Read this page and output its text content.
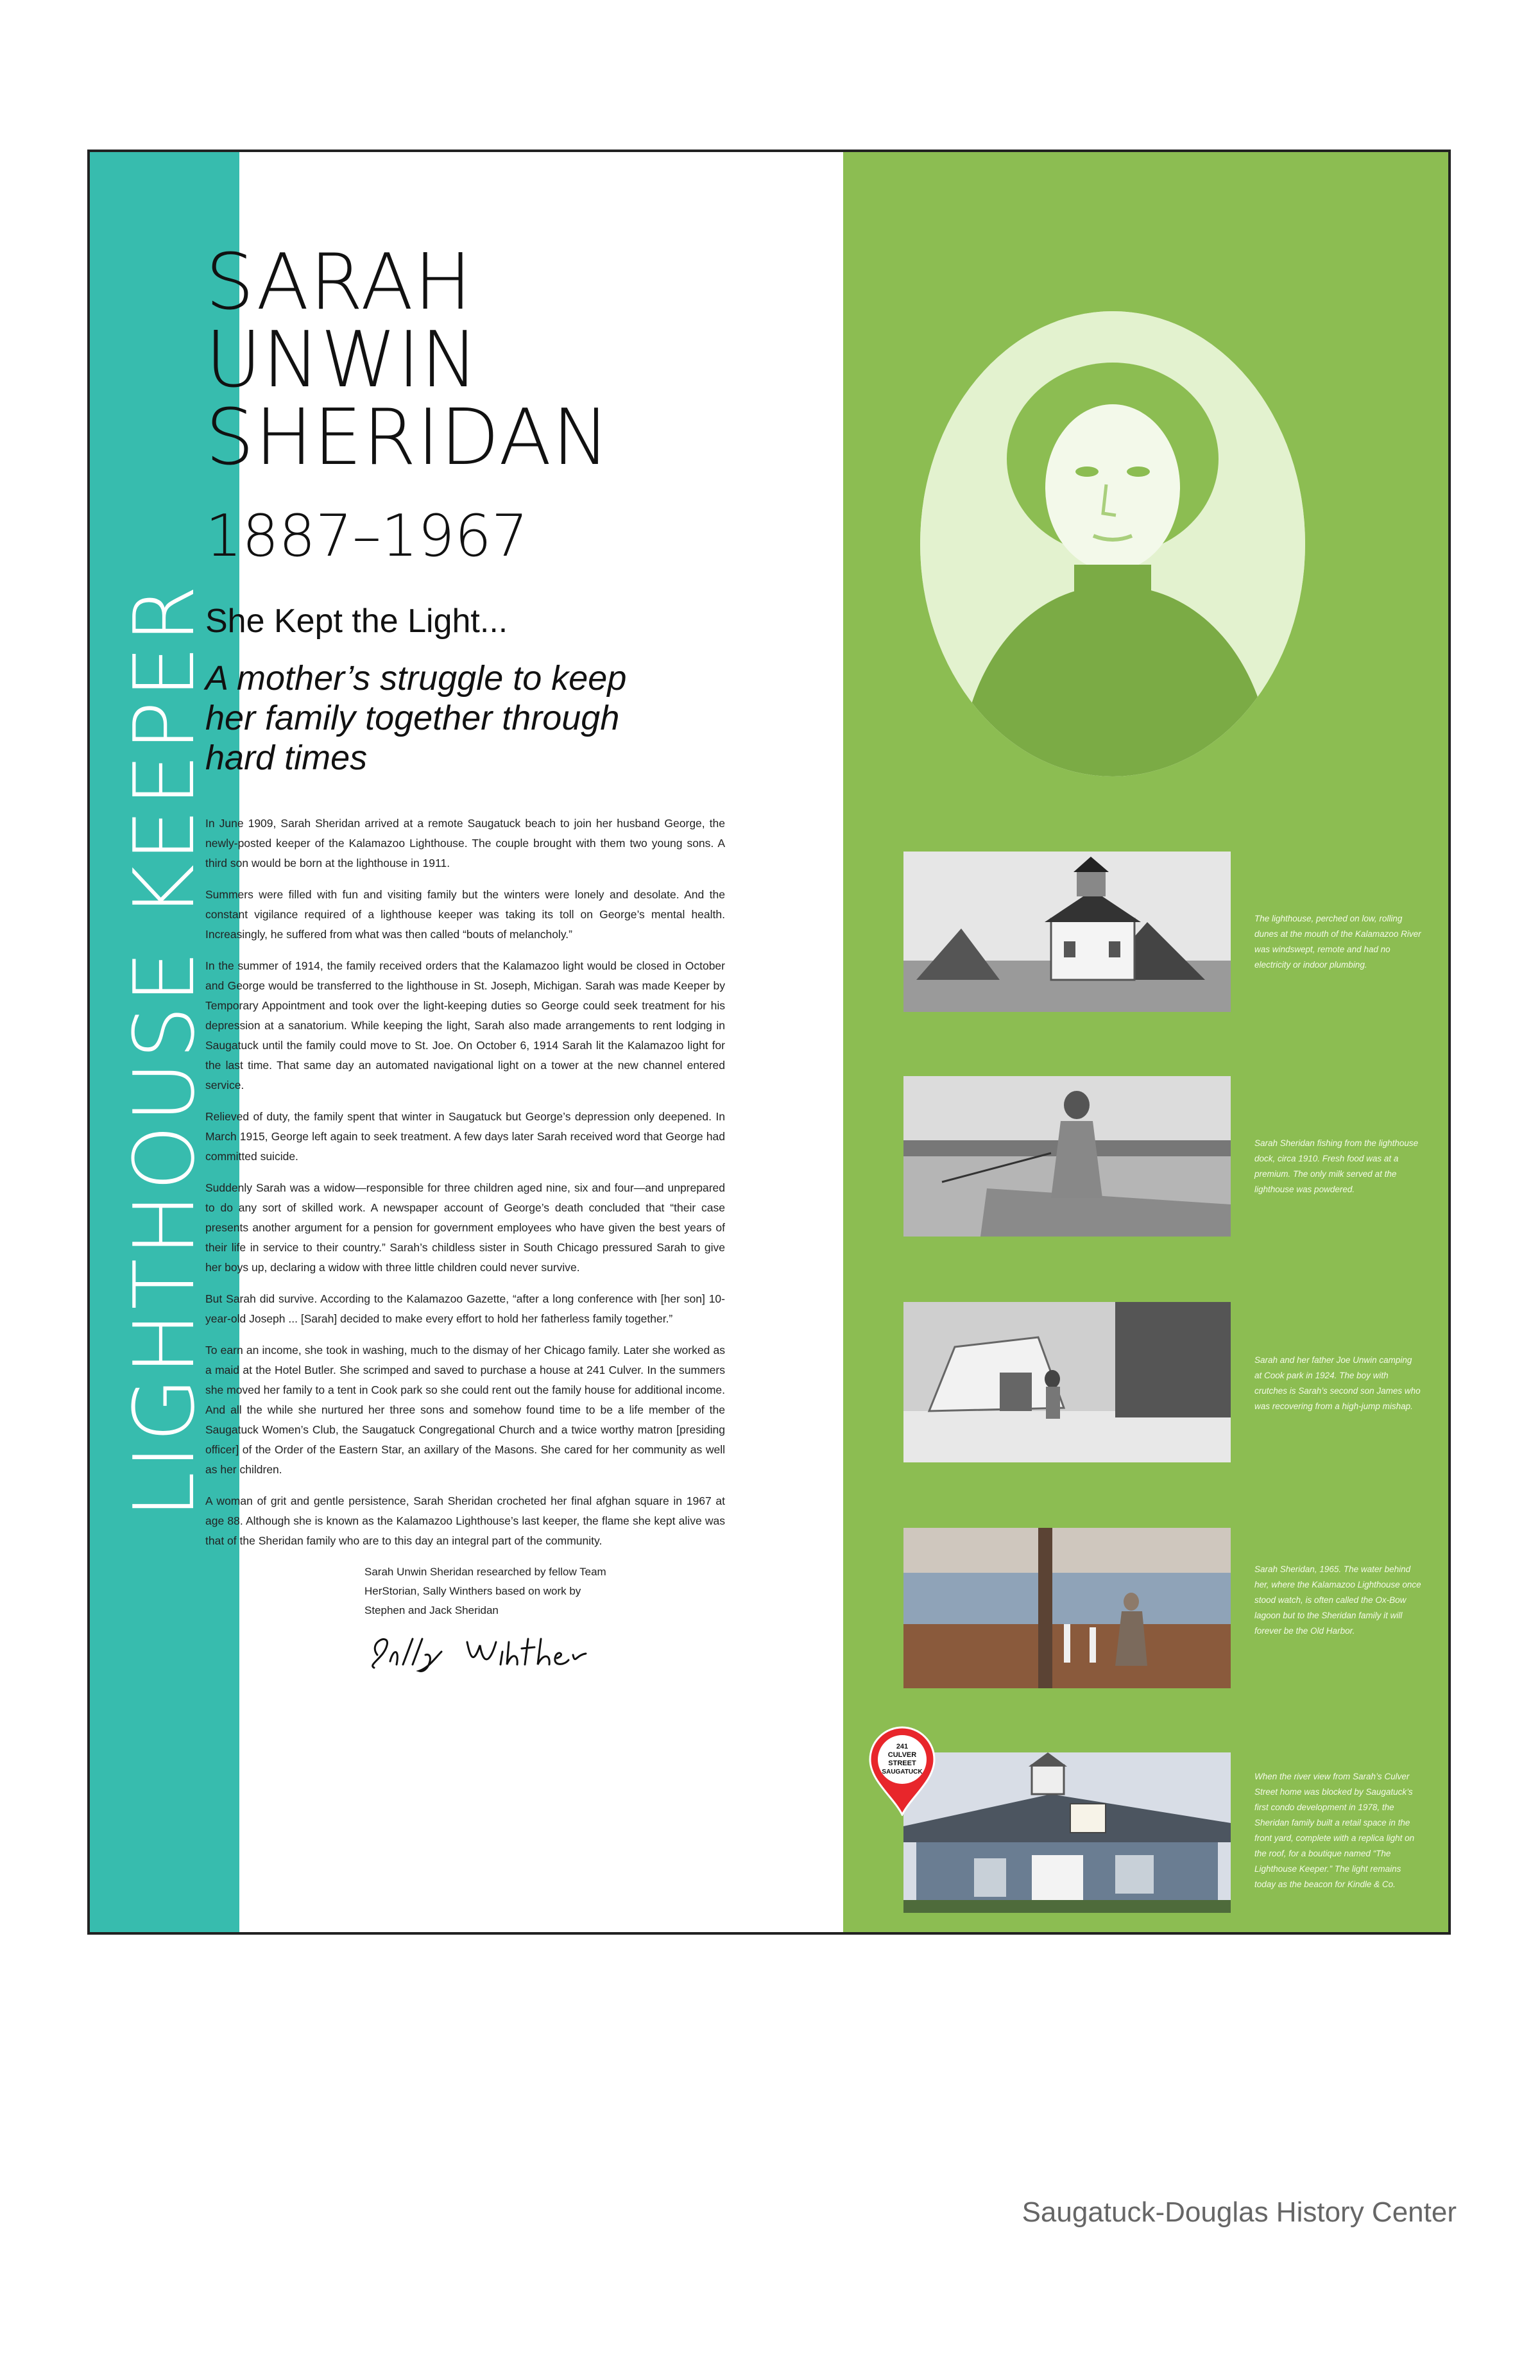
LIGHTHOUSE KEEPER
SARAH
UNWIN
SHERIDAN
1887–1967
She Kept the Light...
A mother’s struggle to keep
her family together through
hard times

In June 1909, Sarah Sheridan arrived at a remote Saugatuck beach to join her husband George, the newly-posted keeper of the Kalamazoo Lighthouse. The couple brought with them two young sons. A third son would be born at the lighthouse in 1911.

Summers were filled with fun and visiting family but the winters were lonely and desolate. And the constant vigilance required of a lighthouse keeper was taking its toll on George’s mental health. Increasingly, he suffered from what was then called “bouts of melancholy.”

In the summer of 1914, the family received orders that the Kalamazoo light would be closed in October and George would be transferred to the lighthouse in St. Joseph, Michigan. Sarah was made Keeper by Temporary Appointment and took over the light-keeping duties so George could seek treatment for his depression at a sanatorium. While keeping the light, Sarah also made arrangements to rent lodging in Saugatuck until the family could move to St. Joe. On October 6, 1914 Sarah lit the Kalamazoo light for the last time. That same day an automated navigational light on a tower at the new channel entered service.

Relieved of duty, the family spent that winter in Saugatuck but George’s depression only deepened. In March 1915, George left again to seek treatment. A few days later Sarah received word that George had committed suicide.

Suddenly Sarah was a widow—responsible for three children aged nine, six and four—and unprepared to do any sort of skilled work. A newspaper account of George’s death concluded that “their case presents another argument for a pension for government employees who have given the best years of their life in service to their country.” Sarah’s childless sister in South Chicago pressured Sarah to give her boys up, declaring a widow with three little children could never survive.

But Sarah did survive. According to the Kalamazoo Gazette, “after a long conference with [her son] 10-year-old Joseph ... [Sarah] decided to make every effort to hold her fatherless family together.”

To earn an income, she took in washing, much to the dismay of her Chicago family. Later she worked as a maid at the Hotel Butler. She scrimped and saved to purchase a house at 241 Culver. In the summers she moved her family to a tent in Cook park so she could rent out the family house for additional income. And all the while she nurtured her three sons and somehow found time to be a life member of the Saugatuck Women’s Club, the Saugatuck Congregational Church and a twice worthy matron [presiding officer] of the Order of the Eastern Star, an axillary of the Masons. She cared for her community as well as her children.

A woman of grit and gentle persistence, Sarah Sheridan crocheted her final afghan square in 1967 at age 88. Although she is known as the Kalamazoo Lighthouse’s last keeper, the flame she kept alive was that of the Sheridan family who are to this day an integral part of the community.

Sarah Unwin Sheridan researched by fellow Team HerStorian, Sally Winthers based on work by Stephen and Jack Sheridan
The lighthouse, perched on low, rolling dunes at the mouth of the Kalamazoo River was windswept, remote and had no electricity or indoor plumbing.
Sarah Sheridan fishing from the lighthouse dock, circa 1910. Fresh food was at a premium. The only milk served at the lighthouse was powdered.
Sarah and her father Joe Unwin camping at Cook park in 1924. The boy with crutches is Sarah’s second son James who was recovering from a high-jump mishap.
Sarah Sheridan, 1965. The water behind her, where the Kalamazoo Lighthouse once stood watch, is often called the Ox-Bow lagoon but to the Sheridan family it will forever be the Old Harbor.
When the river view from Sarah’s Culver Street home was blocked by Saugatuck’s first condo development in 1978, the Sheridan family built a retail space in the front yard, complete with a replica light on the roof, for a boutique named “The Lighthouse Keeper.” The light remains today as the beacon for Kindle & Co.
241
CULVER
STREET
SAUGATUCK
Saugatuck-Douglas History Center
